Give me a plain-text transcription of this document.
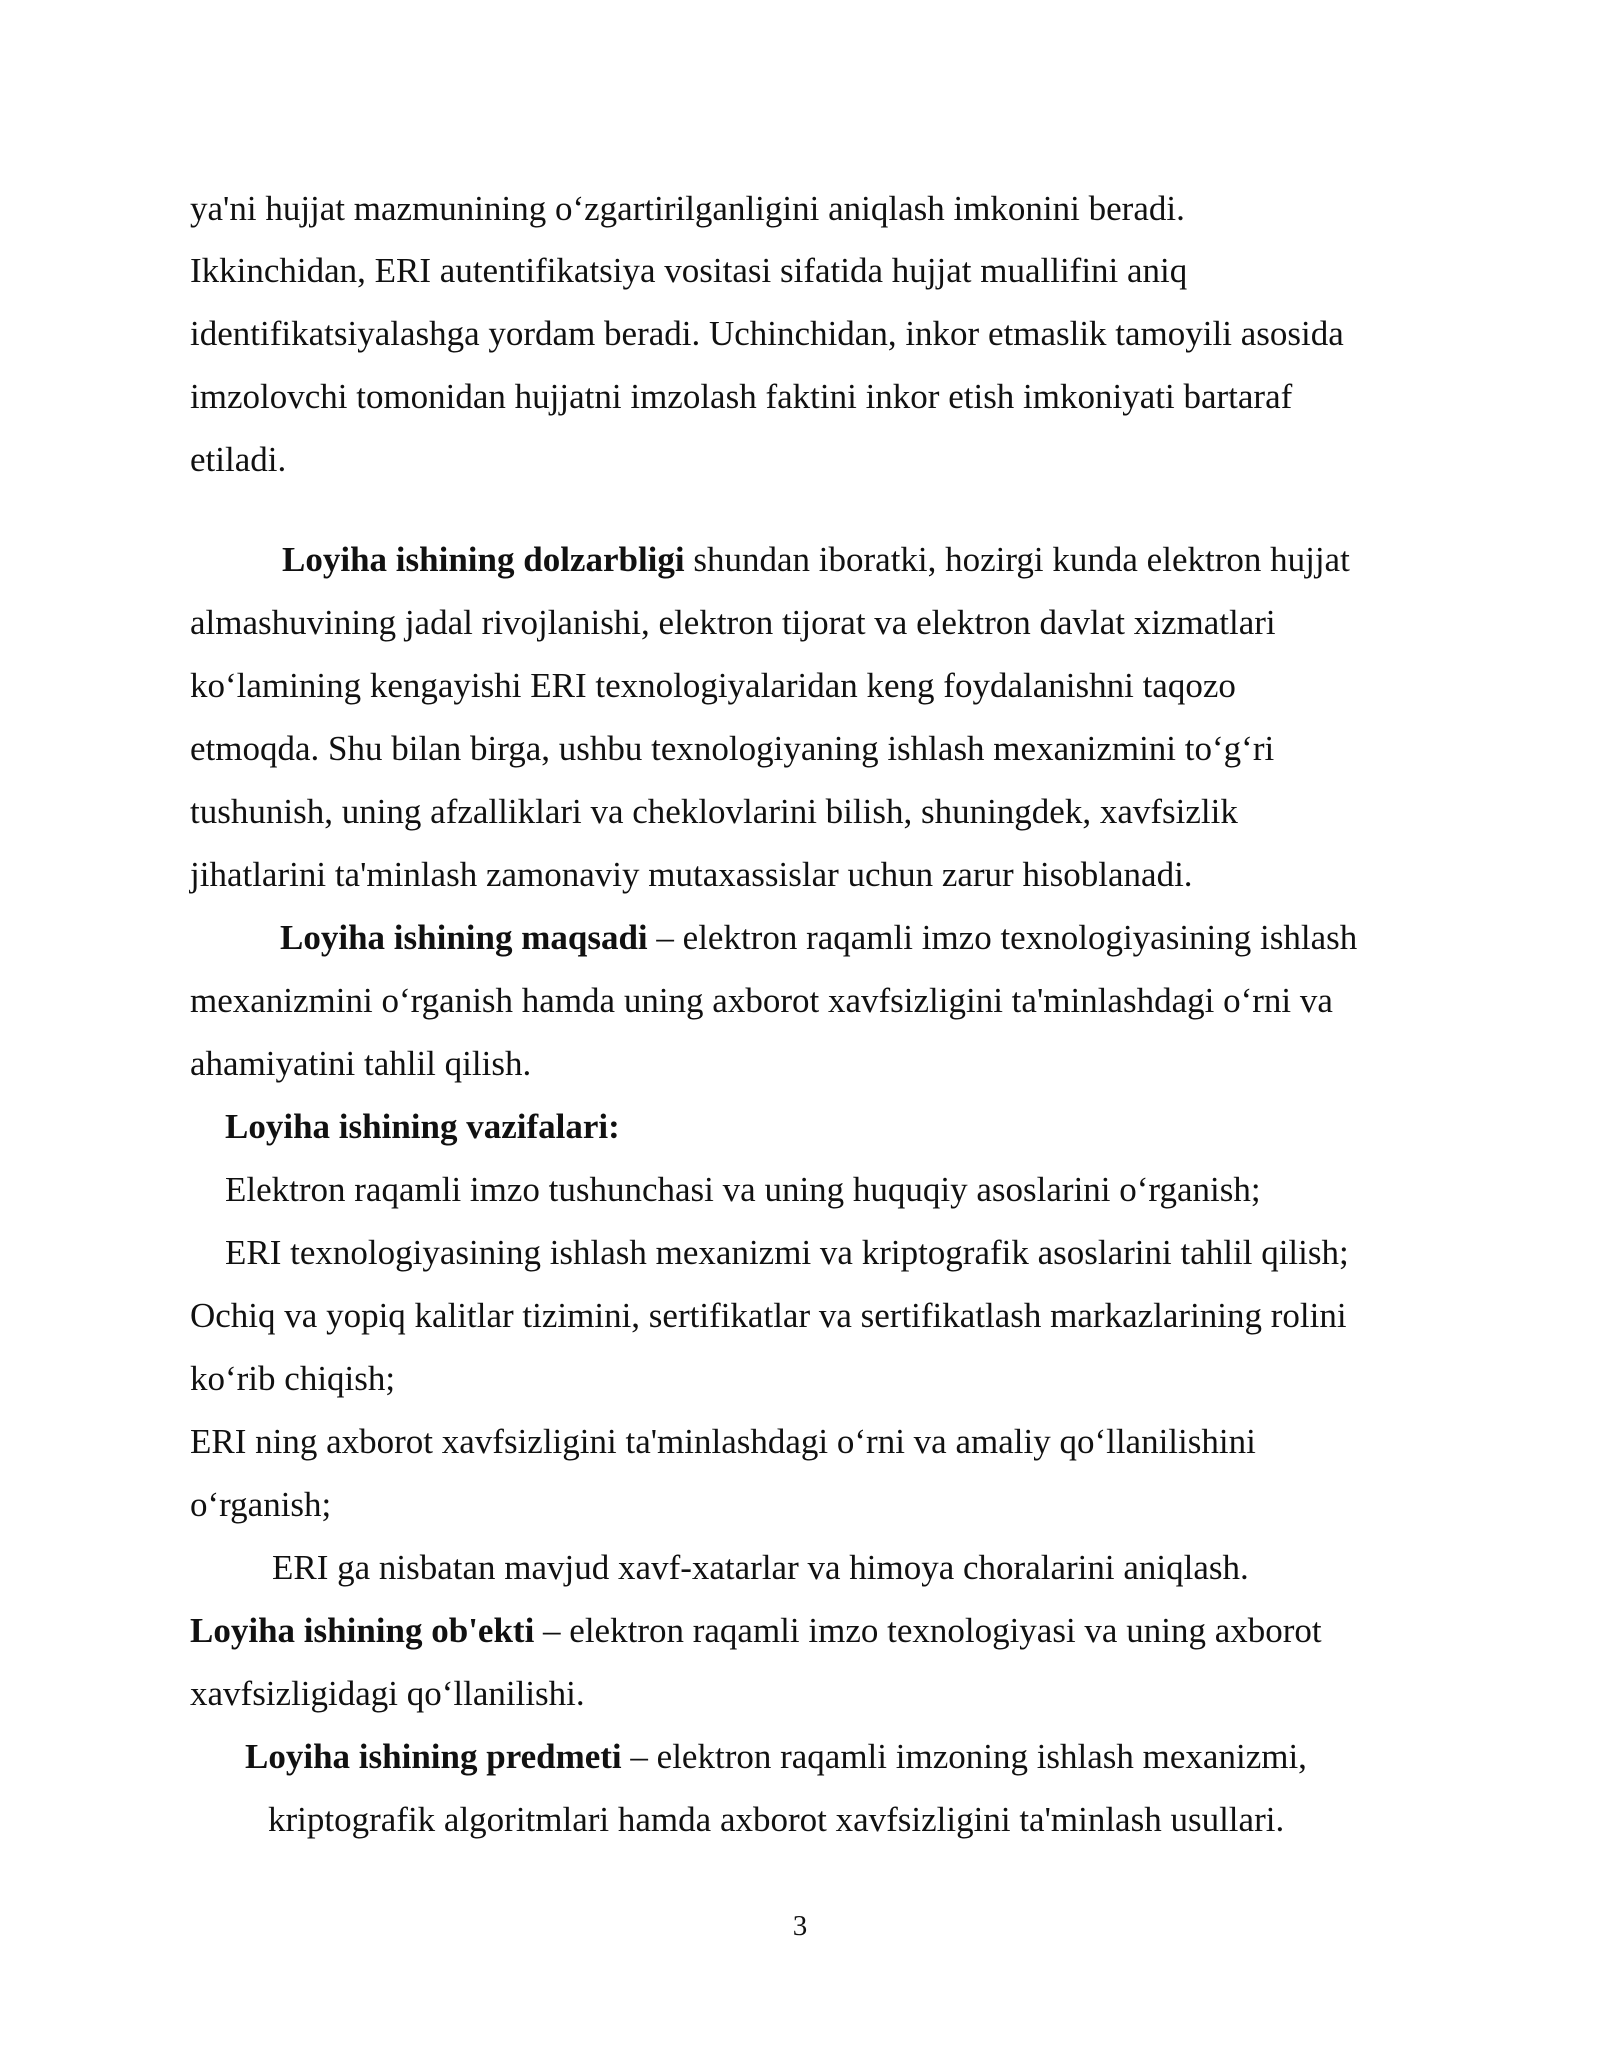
ya'ni hujjat mazmunining o‘zgartirilganligini aniqlash imkonini beradi.
Ikkinchidan, ERI autentifikatsiya vositasi sifatida hujjat muallifini aniq
identifikatsiyalashga yordam beradi. Uchinchidan, inkor etmaslik tamoyili asosida
imzolovchi tomonidan hujjatni imzolash faktini inkor etish imkoniyati bartaraf
etiladi.
Loyiha ishining dolzarbligi shundan iboratki, hozirgi kunda elektron hujjat
almashuvining jadal rivojlanishi, elektron tijorat va elektron davlat xizmatlari
ko‘lamining kengayishi ERI texnologiyalaridan keng foydalanishni taqozo
etmoqda. Shu bilan birga, ushbu texnologiyaning ishlash mexanizmini to‘g‘ri
tushunish, uning afzalliklari va cheklovlarini bilish, shuningdek, xavfsizlik
jihatlarini ta'minlash zamonaviy mutaxassislar uchun zarur hisoblanadi.
Loyiha ishining maqsadi – elektron raqamli imzo texnologiyasining ishlash
mexanizmini o‘rganish hamda uning axborot xavfsizligini ta'minlashdagi o‘rni va
ahamiyatini tahlil qilish.
Loyiha ishining vazifalari:
Elektron raqamli imzo tushunchasi va uning huquqiy asoslarini o‘rganish;
ERI texnologiyasining ishlash mexanizmi va kriptografik asoslarini tahlil qilish;
Ochiq va yopiq kalitlar tizimini, sertifikatlar va sertifikatlash markazlarining rolini
ko‘rib chiqish;
ERI ning axborot xavfsizligini ta'minlashdagi o‘rni va amaliy qo‘llanilishini
o‘rganish;
ERI ga nisbatan mavjud xavf-xatarlar va himoya choralarini aniqlash.
Loyiha ishining ob'ekti – elektron raqamli imzo texnologiyasi va uning axborot
xavfsizligidagi qo‘llanilishi.
Loyiha ishining predmeti – elektron raqamli imzoning ishlash mexanizmi,
kriptografik algoritmlari hamda axborot xavfsizligini ta'minlash usullari.
3
